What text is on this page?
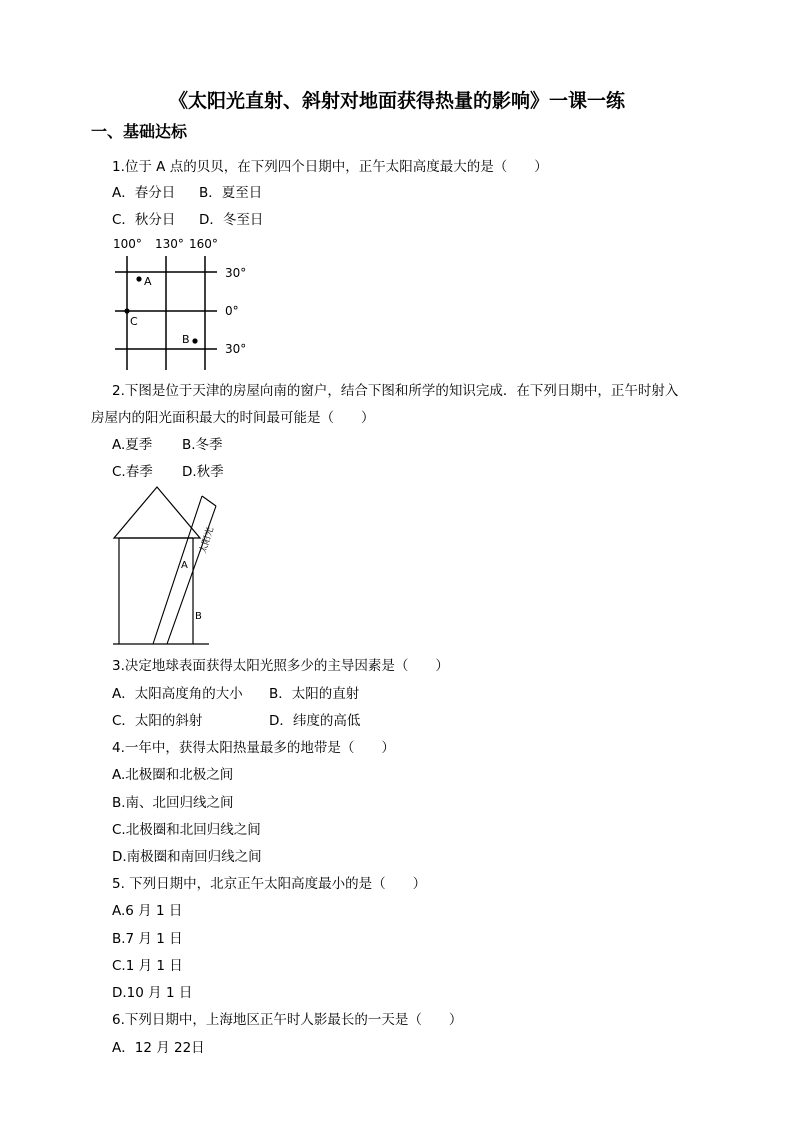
《太阳光直射、斜射对地面获得热量的影响》一课一练
一、基础达标
1.位于 A 点的贝贝，在下列四个日期中，正午太阳高度最大的是（　　）
A．春分日 B．夏至日
C．秋分日 D．冬至日
100° 130° 160°
30°
0°
30°
A
C
B
2.下图是位于天津的房屋向南的窗户，结合下图和所学的知识完成．在下列日期中，正午时射入
房屋内的阳光面积最大的时间最可能是（　　）
A.夏季 B.冬季
C.春季 D.秋季
太阳光
A
B
3.决定地球表面获得太阳光照多少的主导因素是（　　）
A．太阳高度角的大小 B．太阳的直射
C．太阳的斜射	D．纬度的高低
4.一年中，获得太阳热量最多的地带是（　　）
A.北极圈和北极之间
B.南、北回归线之间
C.北极圈和北回归线之间
D.南极圈和南回归线之间
5. 下列日期中，北京正午太阳高度最小的是（　　）
A.6 月 1 日
B.7 月 1 日
C.1 月 1 日
D.10 月 1 日
6.下列日期中，上海地区正午时人影最长的一天是（　　）
A．12 月 22日
